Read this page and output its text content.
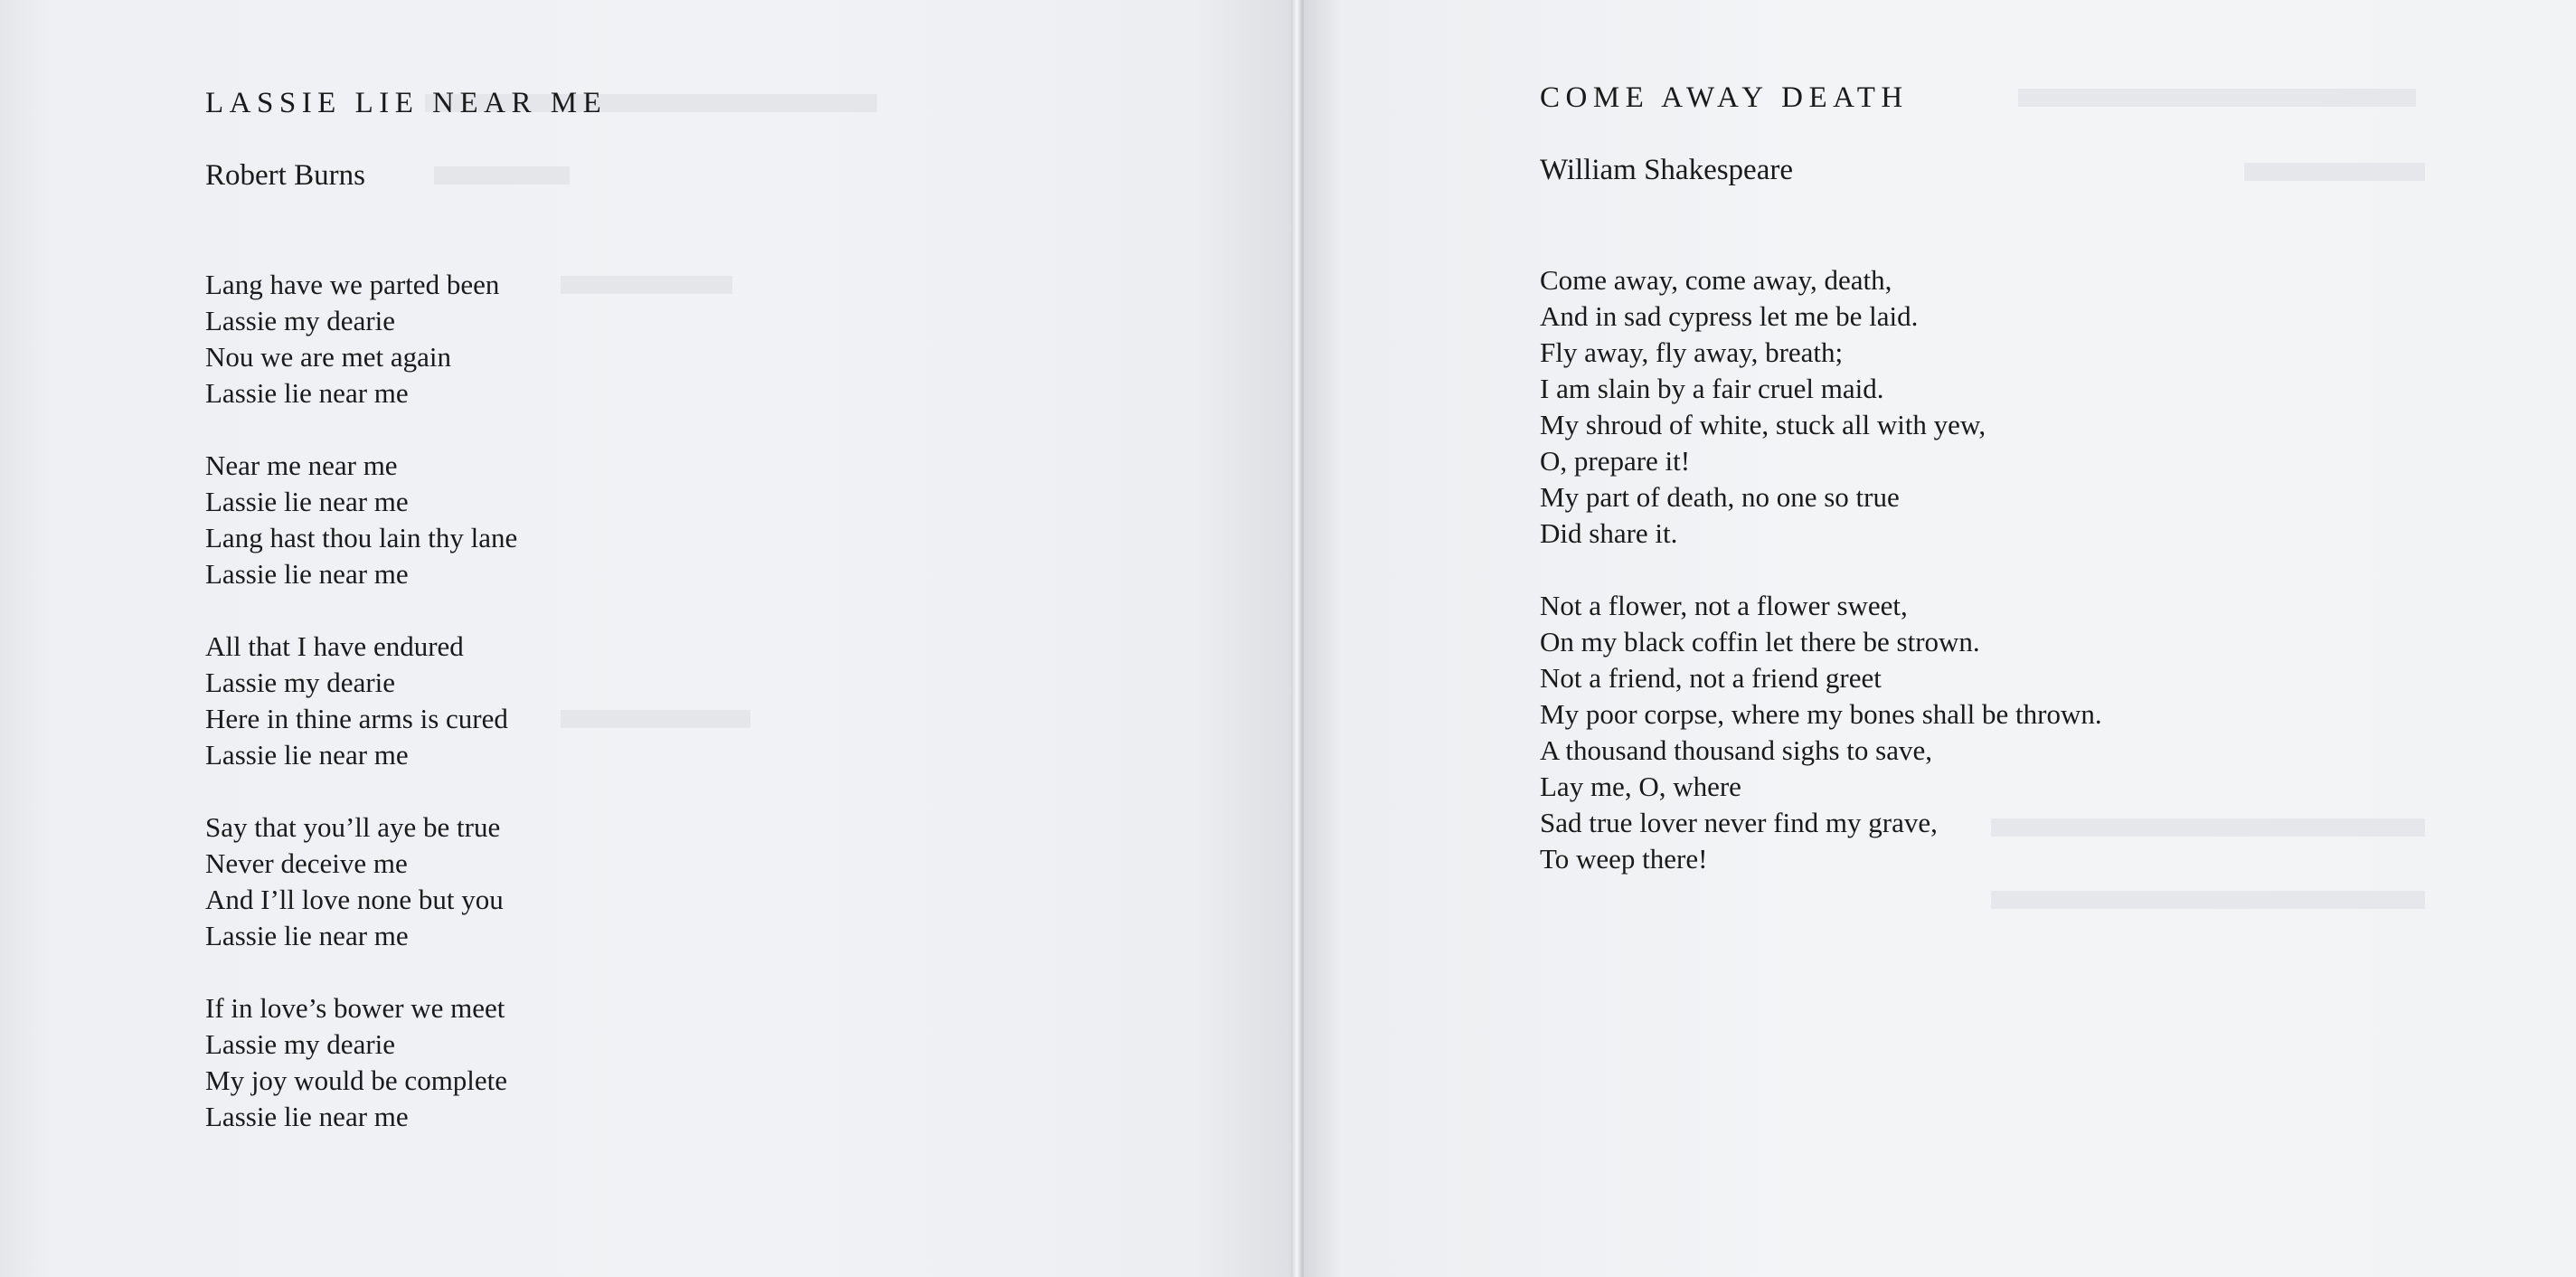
LASSIE LIE NEAR ME

Robert Burns

Lang have we parted been
Lassie my dearie
Nou we are met again
Lassie lie near me
Near me near me
Lassie lie near me
Lang hast thou lain thy lane
Lassie lie near me
All that I have endured
Lassie my dearie
Here in thine arms is cured
Lassie lie near me
Say that you’ll aye be true
Never deceive me
And I’ll love none but you
Lassie lie near me
If in love’s bower we meet
Lassie my dearie
My joy would be complete
Lassie lie near me
COME AWAY DEATH

William Shakespeare

Come away, come away, death,
And in sad cypress let me be laid.
Fly away, fly away, breath;
I am slain by a fair cruel maid.
My shroud of white, stuck all with yew,
O, prepare it!
My part of death, no one so true
Did share it.
Not a flower, not a flower sweet,
On my black coffin let there be strown.
Not a friend, not a friend greet
My poor corpse, where my bones shall be thrown.
A thousand thousand sighs to save,
Lay me, O, where
Sad true lover never find my grave,
To weep there!
